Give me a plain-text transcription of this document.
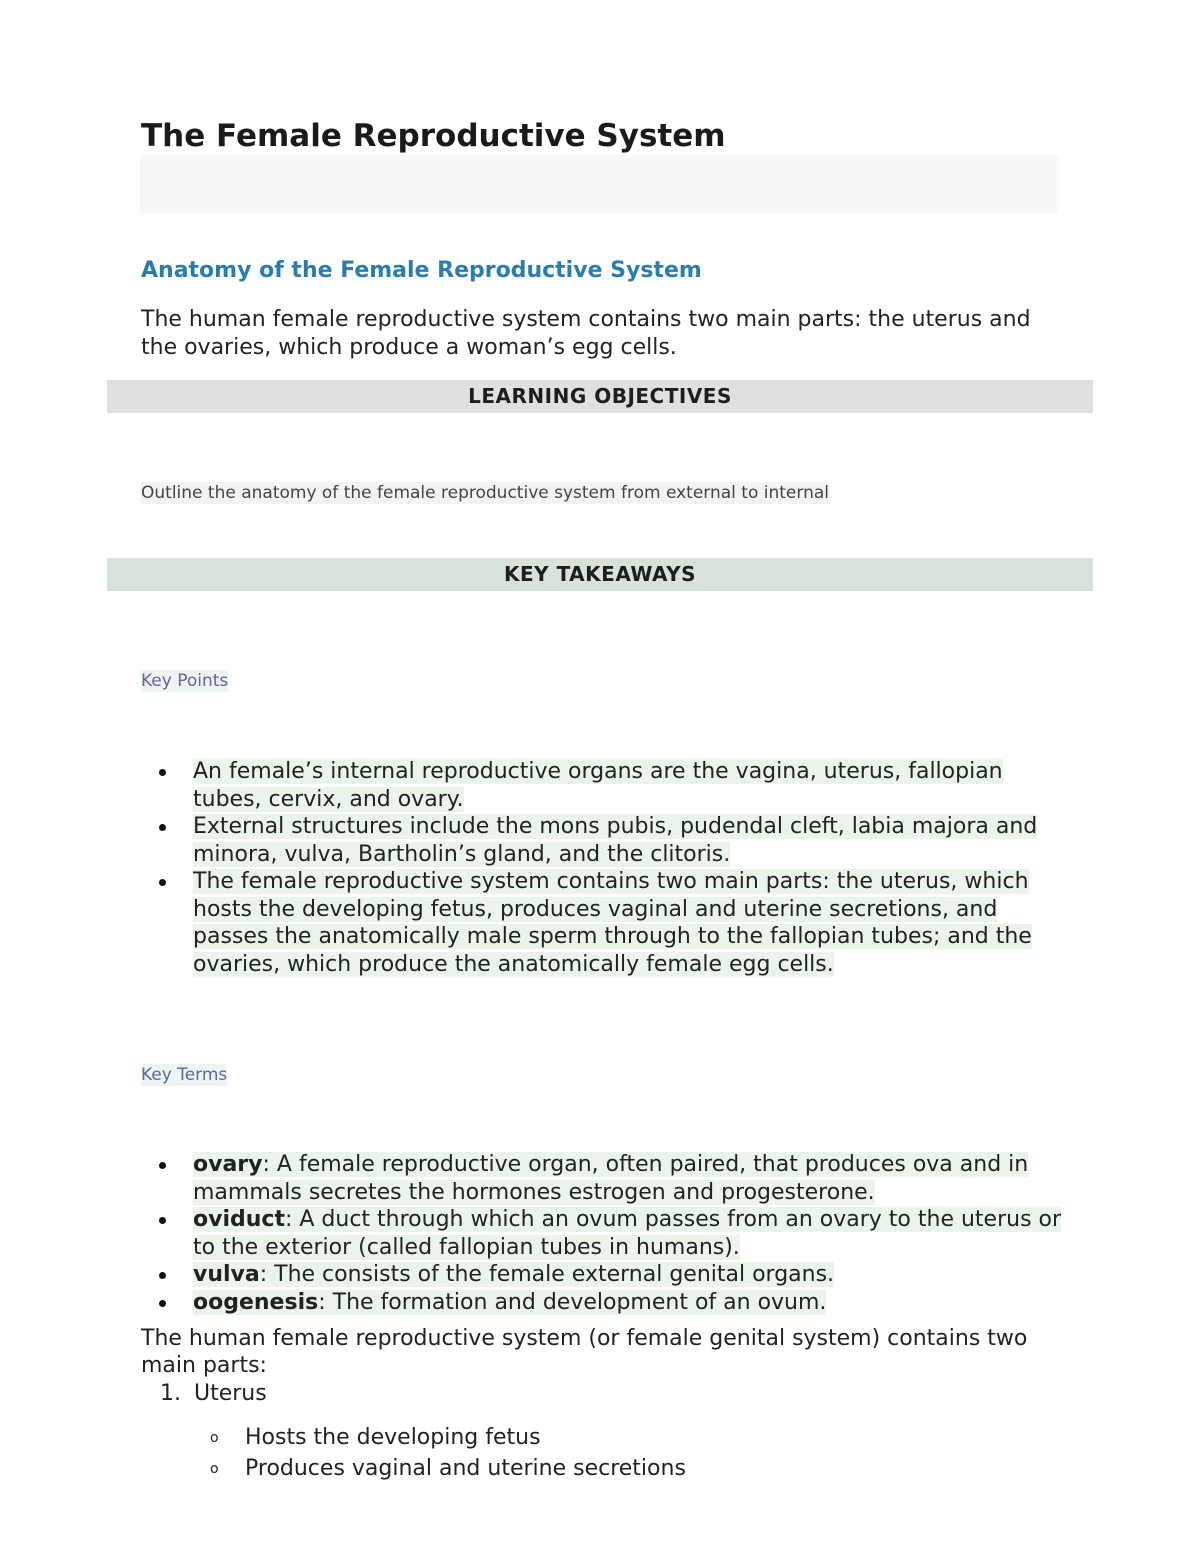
The Female Reproductive System
Anatomy of the Female Reproductive System

The human female reproductive system contains two main parts: the uterus and the ovaries, which produce a woman’s egg cells.

LEARNING OBJECTIVES

Outline the anatomy of the female reproductive system from external to internal

KEY TAKEAWAYS

Key Points

An female’s internal reproductive organs are the vagina, uterus, fallopian tubes, cervix, and ovary.
External structures include the mons pubis, pudendal cleft, labia majora and minora, vulva, Bartholin’s gland, and the clitoris.
The female reproductive system contains two main parts: the uterus, which hosts the developing fetus, produces vaginal and uterine secretions, and passes the anatomically male sperm through to the fallopian tubes; and the ovaries, which produce the anatomically female egg cells.

Key Terms

ovary: A female reproductive organ, often paired, that produces ova and in mammals secretes the hormones estrogen and progesterone.
oviduct: A duct through which an ovum passes from an ovary to the uterus or to the exterior (called fallopian tubes in humans).
vulva: The consists of the female external genital organs.
oogenesis: The formation and development of an ovum.

The human female reproductive system (or female genital system) contains two main parts:

1. Uterus

o Hosts the developing fetus
o Produces vaginal and uterine secretions
